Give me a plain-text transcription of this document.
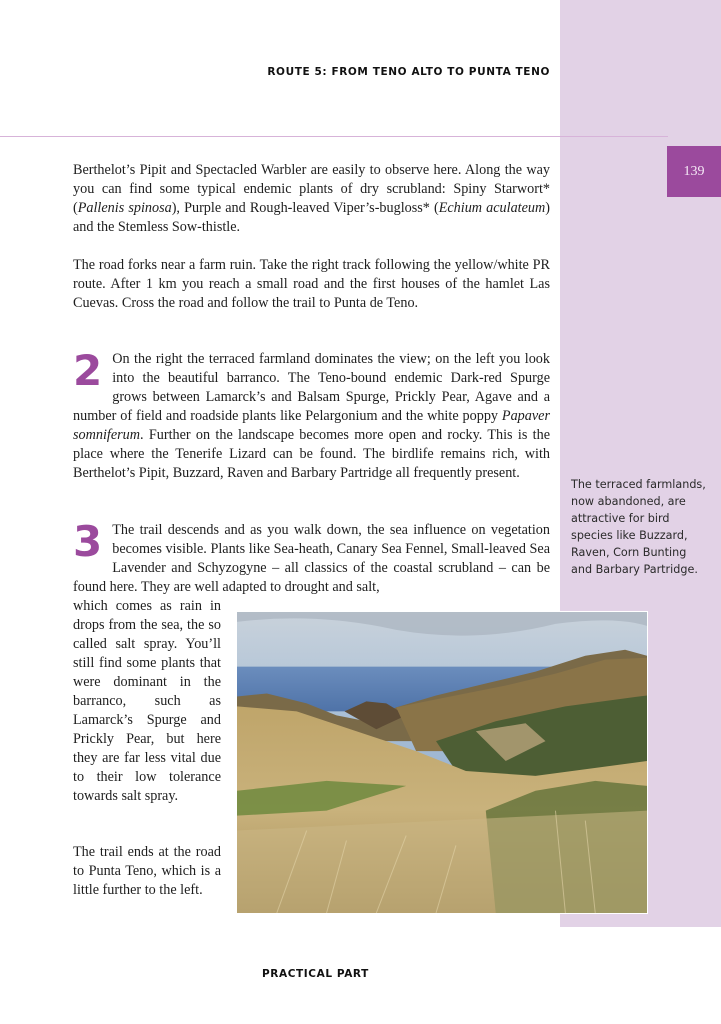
ROUTE 5: FROM TENO ALTO TO PUNTA TENO
139

Berthelot’s Pipit and Spectacled Warbler are easily to observe here. Along the way you can find some typical endemic plants of dry scrubland: Spiny Starwort* (Pallenis spinosa), Purple and Rough-leaved Viper’s-bugloss* (Echium aculateum) and the Stemless Sow-thistle.

The road forks near a farm ruin. Take the right track following the yellow/white PR route. After 1 km you reach a small road and the first houses of the hamlet Las Cuevas. Cross the road and follow the trail to Punta de Teno.

2 On the right the terraced farmland dominates the view; on the left you look into the beautiful barranco. The Teno-bound endemic Dark-red Spurge grows between Lamarck’s and Balsam Spurge, Prickly Pear, Agave and a number of field and roadside plants like Pelargonium and the white poppy Papaver somniferum. Further on the landscape becomes more open and rocky. This is the place where the Tenerife Lizard can be found. The birdlife remains rich, with Berthelot’s Pipit, Buzzard, Raven and Barbary Partridge all frequently present.

3 The trail descends and as you walk down, the sea influence on vegetation becomes visible. Plants like Sea-heath, Canary Sea Fennel, Small-leaved Sea Lavender and Schyzogyne – all classics of the coastal scrubland – can be found here. They are well adapted to drought and salt,

which comes as rain in drops from the sea, the so called salt spray. You’ll still find some plants that were dominant in the barranco, such as Lamarck’s Spurge and Prickly Pear, but here they are far less vital due to their low tolerance towards salt spray.

The trail ends at the road to Punta Teno, which is a little further to the left.

The terraced farmlands, now abandoned, are attractive for bird species like Buzzard, Raven, Corn Bunting and Barbary Partridge.
PRACTICAL PART
